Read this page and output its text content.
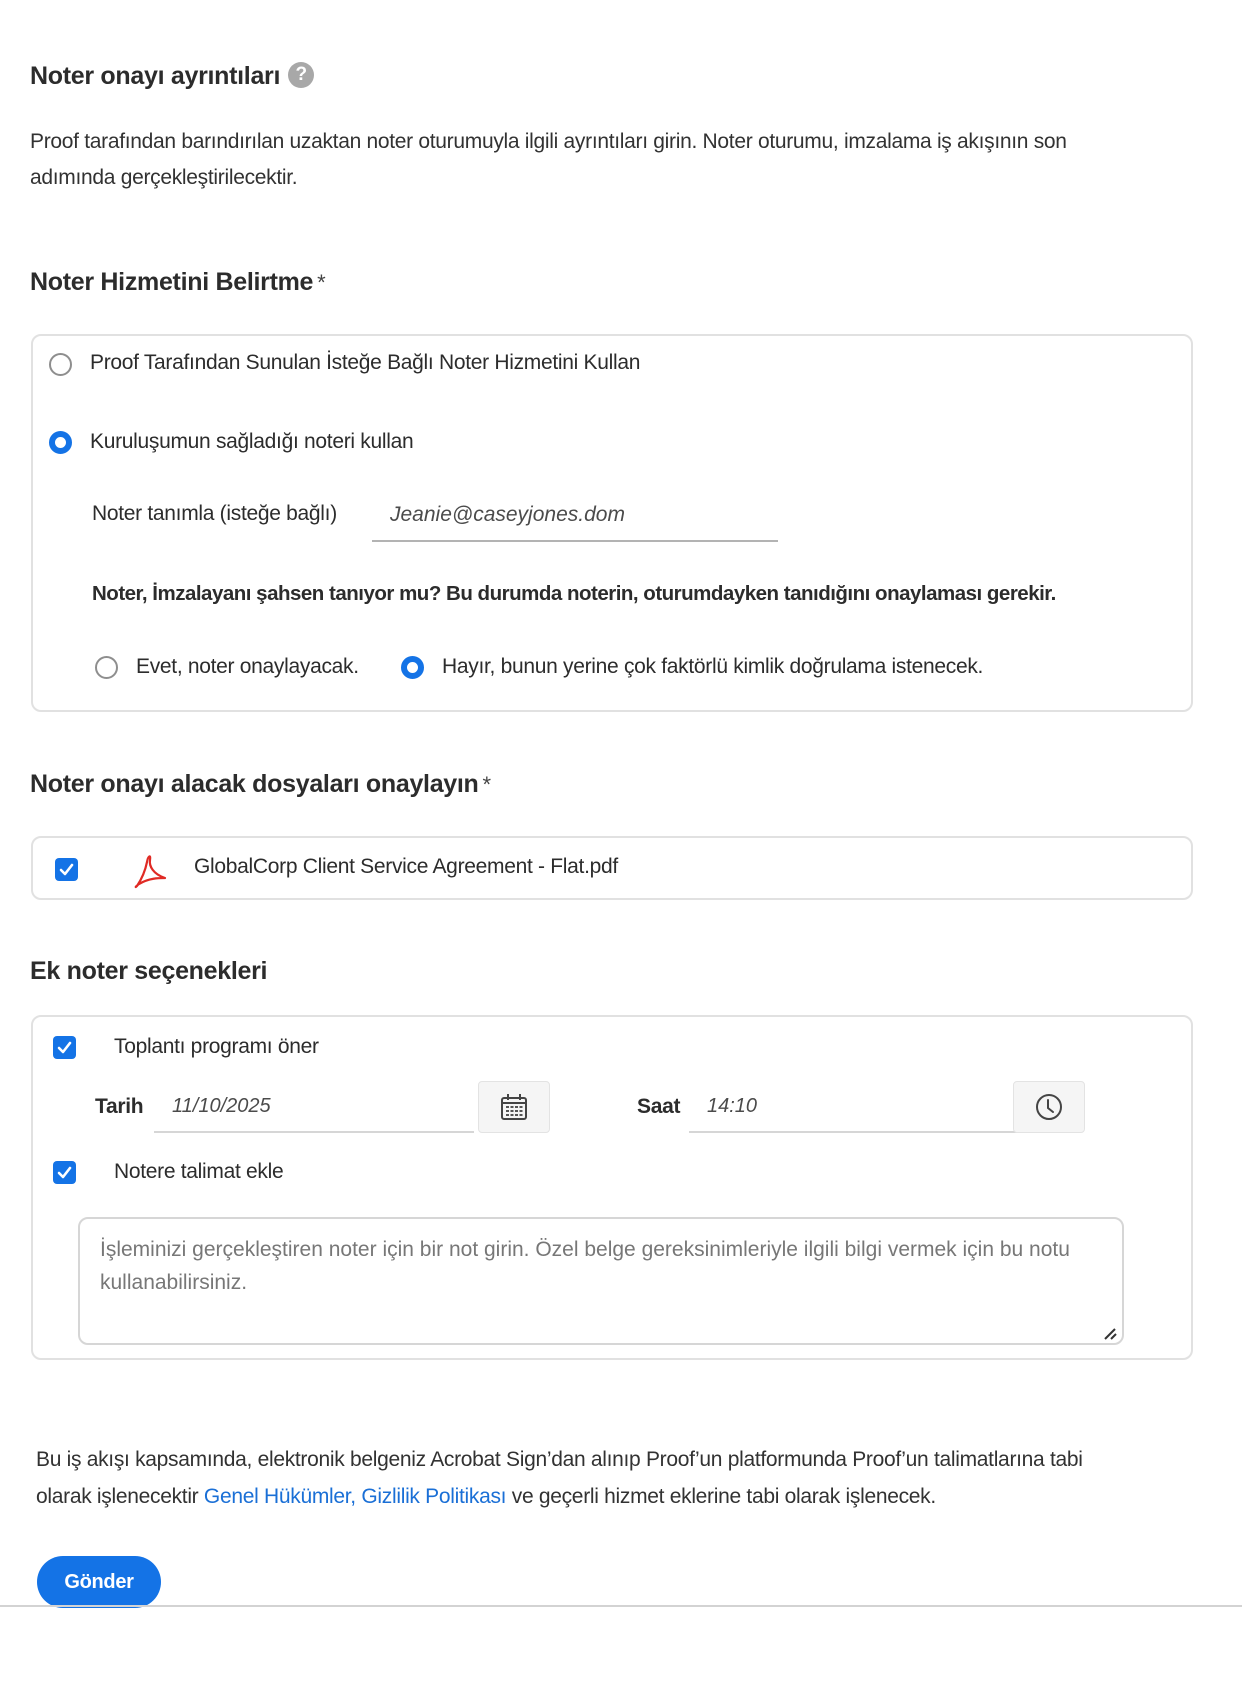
Noter onayı ayrıntıları ?
Proof tarafından barındırılan uzaktan noter oturumuyla ilgili ayrıntıları girin. Noter oturumu, imzalama iş akışının son
adımında gerçekleştirilecektir.
Noter Hizmetini Belirtme *
Proof Tarafından Sunulan İsteğe Bağlı Noter Hizmetini Kullan
Kuruluşumun sağladığı noteri kullan
Noter tanımla (isteğe bağlı)
Jeanie@caseyjones.dom
Noter, İmzalayanı şahsen tanıyor mu? Bu durumda noterin, oturumdayken tanıdığını onaylaması gerekir.
Evet, noter onaylayacak.	Hayır, bunun yerine çok faktörlü kimlik doğrulama istenecek.
Noter onayı alacak dosyaları onaylayın *
GlobalCorp Client Service Agreement - Flat.pdf
Ek noter seçenekleri
Toplantı programı öner
Tarih
11/10/2025	Saat
14:10
Notere talimat ekle
İşleminizi gerçekleştiren noter için bir not girin. Özel belge gereksinimleriyle ilgili bilgi vermek için bu notu kullanabilirsiniz.
Bu iş akışı kapsamında, elektronik belgeniz Acrobat Sign’dan alınıp Proof’un platformunda Proof’un talimatlarına tabi
olarak işlenecektir Genel Hükümler, Gizlilik Politikası ve geçerli hizmet eklerine tabi olarak işlenecek.
Gönder
